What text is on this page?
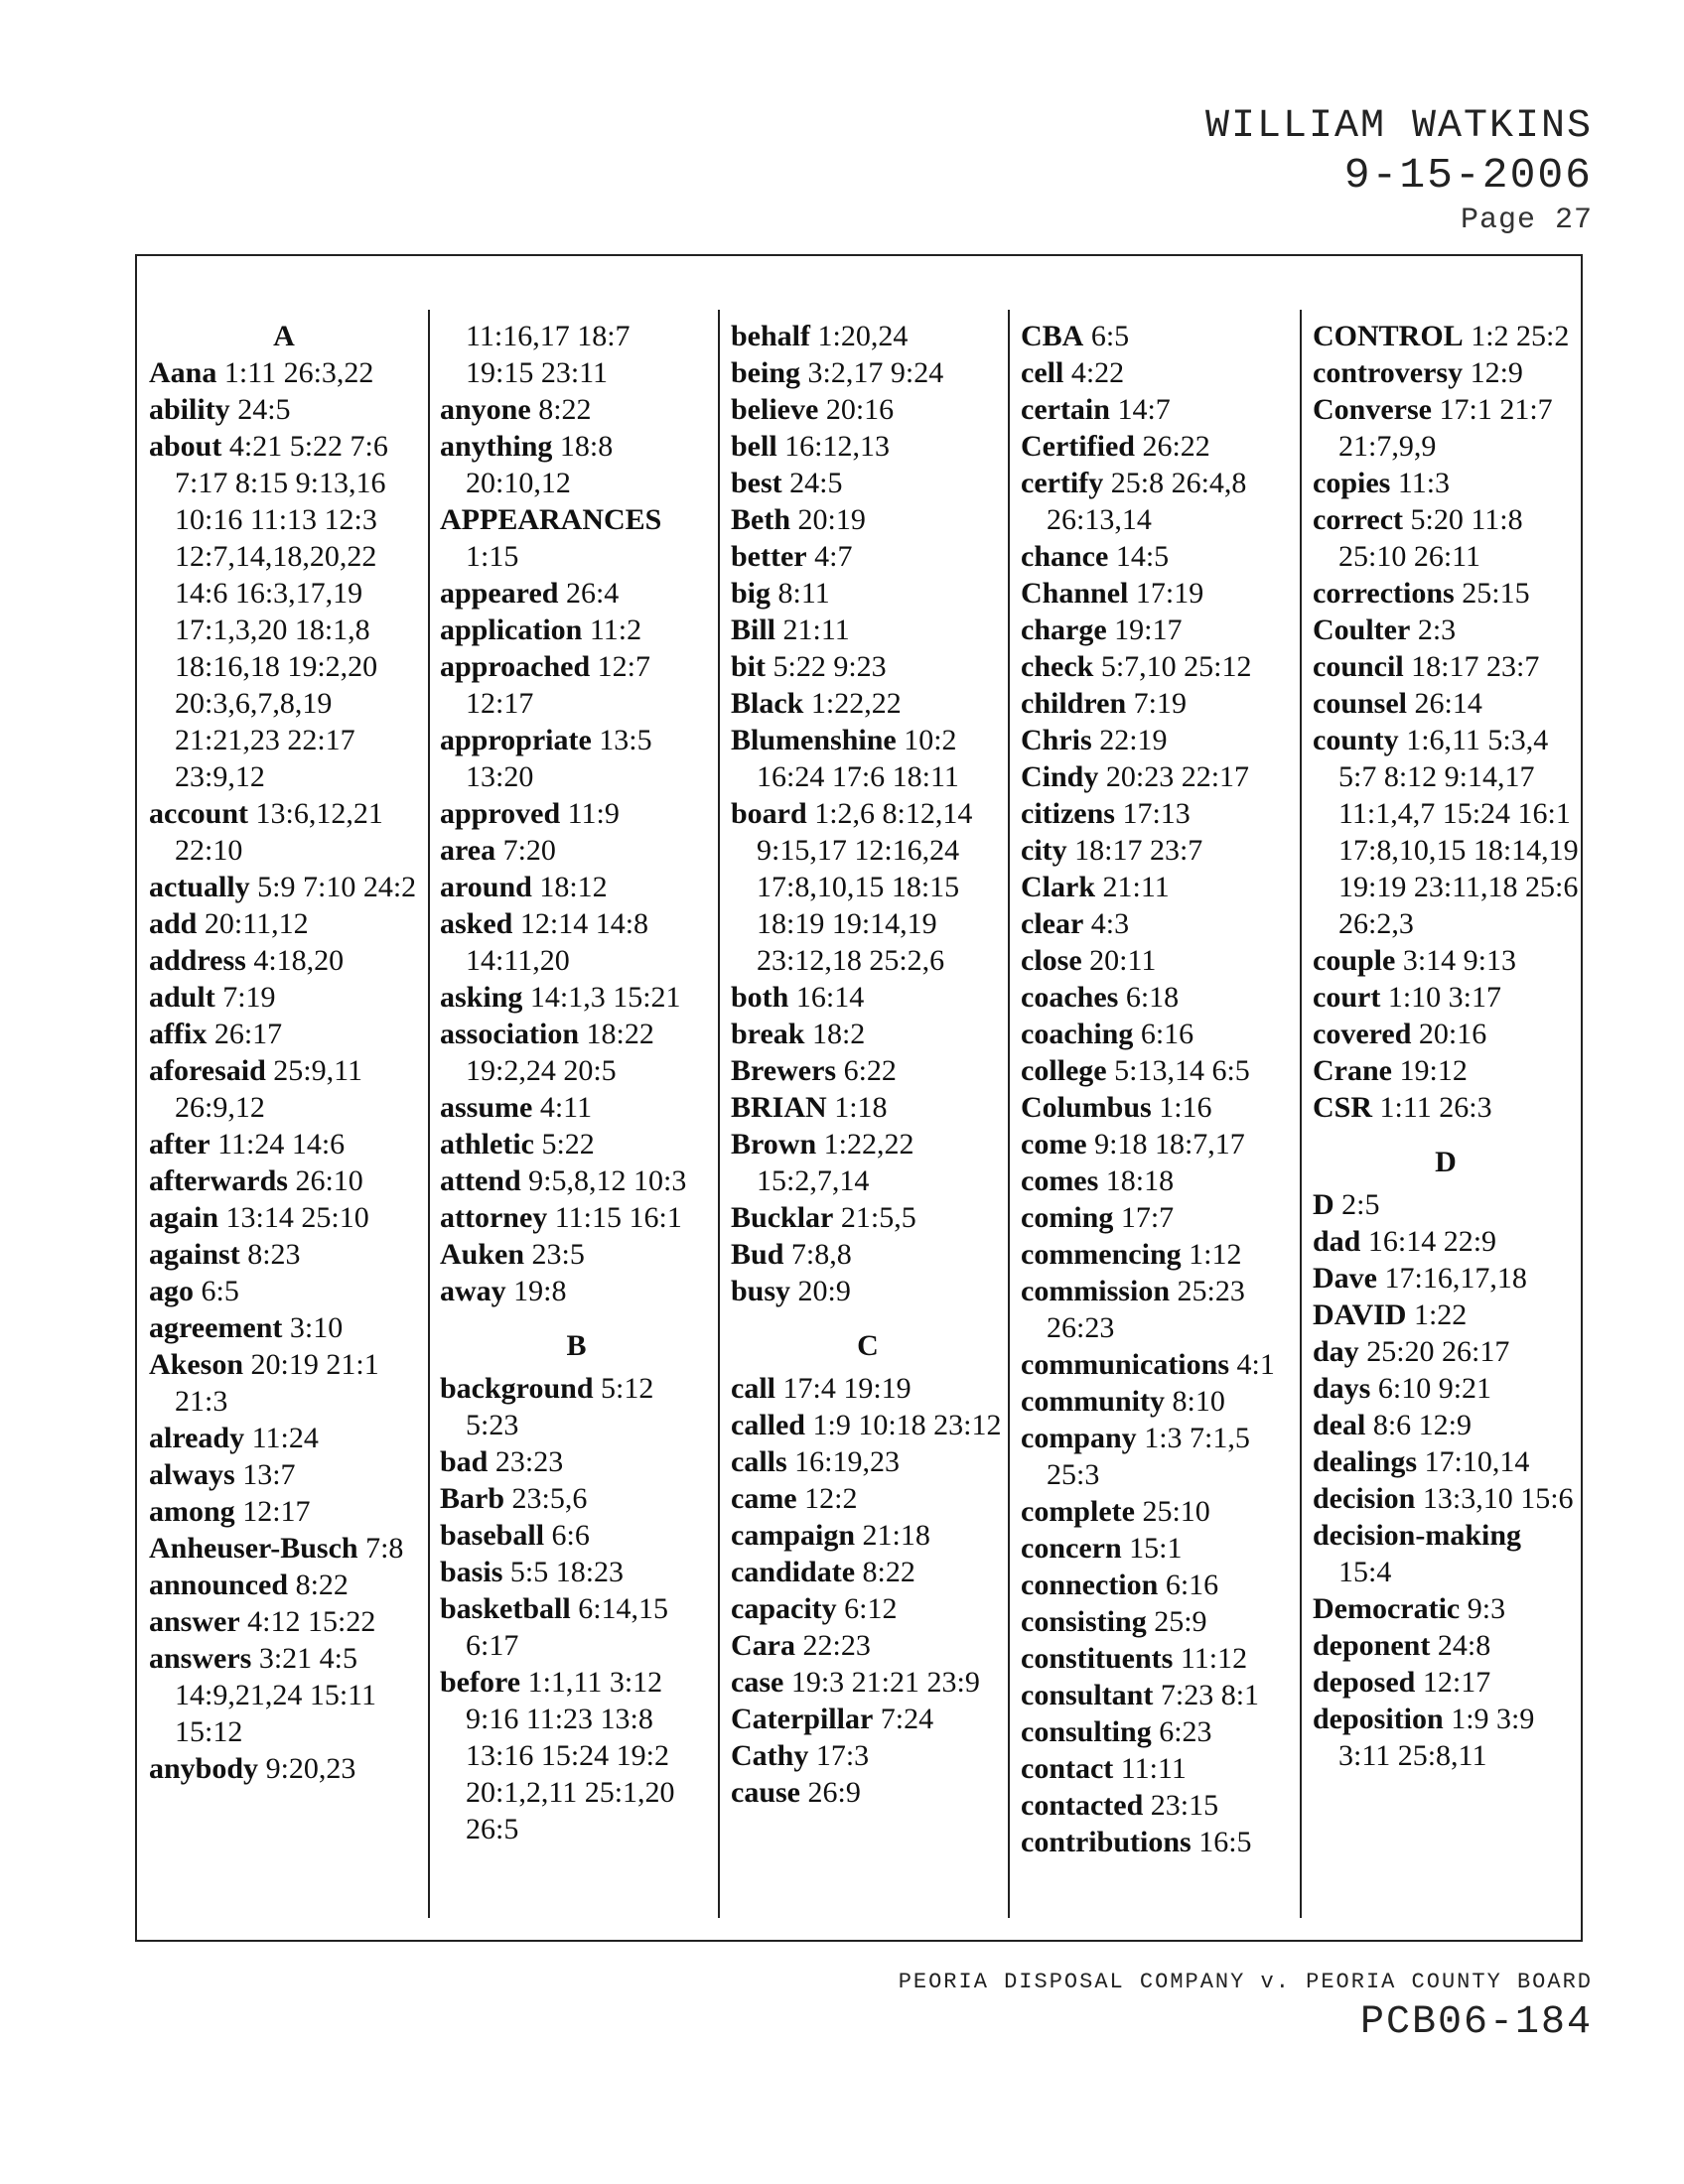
WILLIAM WATKINS
9-15-2006
Page 27
A
Aana 1:11 26:3,22
ability 24:5
about 4:21 5:22 7:6 7:17 8:15 9:13,16 10:16 11:13 12:3 12:7,14,18,20,22 14:6 16:3,17,19 17:1,3,20 18:1,8 18:16,18 19:2,20 20:3,6,7,8,19 21:21,23 22:17 23:9,12
account 13:6,12,21 22:10
actually 5:9 7:10 24:2
add 20:11,12
address 4:18,20
adult 7:19
affix 26:17
aforesaid 25:9,11 26:9,12
after 11:24 14:6
afterwards 26:10
again 13:14 25:10
against 8:23
ago 6:5
agreement 3:10
Akeson 20:19 21:1 21:3
already 11:24
always 13:7
among 12:17
Anheuser-Busch 7:8
announced 8:22
answer 4:12 15:22
answers 3:21 4:5 14:9,21,24 15:11 15:12
anybody 9:20,23
11:16,17 18:7
19:15 23:11
anyone 8:22
anything 18:8 20:10,12
APPEARANCES 1:15
appeared 26:4
application 11:2
approached 12:7 12:17
appropriate 13:5 13:20
approved 11:9
area 7:20
around 18:12
asked 12:14 14:8 14:11,20
asking 14:1,3 15:21
association 18:22 19:2,24 20:5
assume 4:11
athletic 5:22
attend 9:5,8,12 10:3
attorney 11:15 16:1
Auken 23:5
away 19:8
B
background 5:12 5:23
bad 23:23
Barb 23:5,6
baseball 6:6
basis 5:5 18:23
basketball 6:14,15 6:17
before 1:1,11 3:12 9:16 11:23 13:8 13:16 15:24 19:2 20:1,2,11 25:1,20 26:5
behalf 1:20,24
being 3:2,17 9:24
believe 20:16
bell 16:12,13
best 24:5
Beth 20:19
better 4:7
big 8:11
Bill 21:11
bit 5:22 9:23
Black 1:22,22
Blumenshine 10:2 16:24 17:6 18:11
board 1:2,6 8:12,14 9:15,17 12:16,24 17:8,10,15 18:15 18:19 19:14,19 23:12,18 25:2,6
both 16:14
break 18:2
Brewers 6:22
BRIAN 1:18
Brown 1:22,22 15:2,7,14
Bucklar 21:5,5
Bud 7:8,8
busy 20:9
C
call 17:4 19:19
called 1:9 10:18 23:12
calls 16:19,23
came 12:2
campaign 21:18
candidate 8:22
capacity 6:12
Cara 22:23
case 19:3 21:21 23:9
Caterpillar 7:24
Cathy 17:3
cause 26:9
CBA 6:5
cell 4:22
certain 14:7
Certified 26:22
certify 25:8 26:4,8 26:13,14
chance 14:5
Channel 17:19
charge 19:17
check 5:7,10 25:12
children 7:19
Chris 22:19
Cindy 20:23 22:17
citizens 17:13
city 18:17 23:7
Clark 21:11
clear 4:3
close 20:11
coaches 6:18
coaching 6:16
college 5:13,14 6:5
Columbus 1:16
come 9:18 18:7,17
comes 18:18
coming 17:7
commencing 1:12
commission 25:23 26:23
communications 4:1
community 8:10
company 1:3 7:1,5 25:3
complete 25:10
concern 15:1
connection 6:16
consisting 25:9
constituents 11:12
consultant 7:23 8:1
consulting 6:23
contact 11:11
contacted 23:15
contributions 16:5
CONTROL 1:2 25:2
controversy 12:9
Converse 17:1 21:7 21:7,9,9
copies 11:3
correct 5:20 11:8 25:10 26:11
corrections 25:15
Coulter 2:3
council 18:17 23:7
counsel 26:14
county 1:6,11 5:3,4 5:7 8:12 9:14,17 11:1,4,7 15:24 16:1 17:8,10,15 18:14,19 19:19 23:11,18 25:6 26:2,3
couple 3:14 9:13
court 1:10 3:17
covered 20:16
Crane 19:12
CSR 1:11 26:3
D
D 2:5
dad 16:14 22:9
Dave 17:16,17,18
DAVID 1:22
day 25:20 26:17
days 6:10 9:21
deal 8:6 12:9
dealings 17:10,14
decision 13:3,10 15:6
decision-making 15:4
Democratic 9:3
deponent 24:8
deposed 12:17
deposition 1:9 3:9 3:11 25:8,11
PEORIA DISPOSAL COMPANY v. PEORIA COUNTY BOARD
PCB06-184
